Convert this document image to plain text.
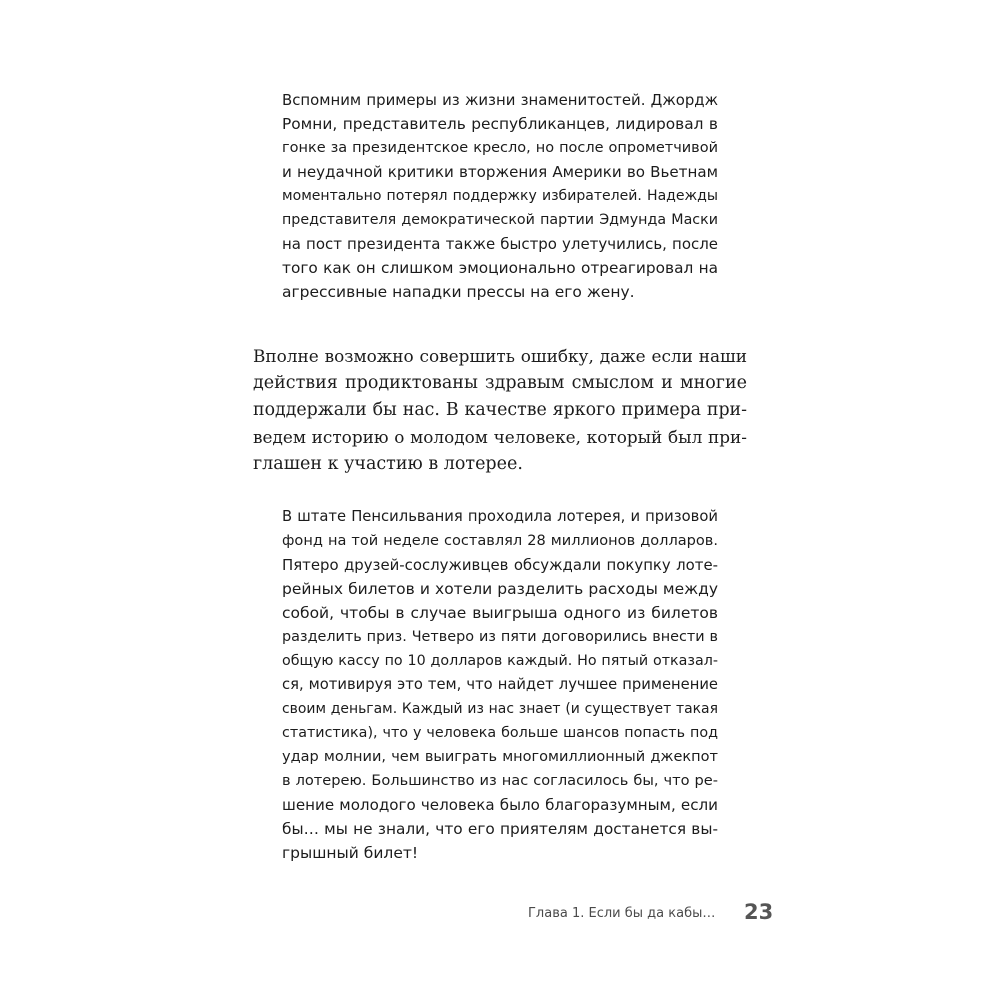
Вспомним примеры из жизни знаменитостей. Джордж
Ромни, представитель республиканцев, лидировал в
гонке за президентское кресло, но после опрометчивой
и неудачной критики вторжения Америки во Вьетнам
моментально потерял поддержку избирателей. Надежды
представителя демократической партии Эдмунда Маски
на пост президента также быстро улетучились, после
того как он слишком эмоционально отреагировал на
агрессивные нападки прессы на его жену.
Вполне возможно совершить ошибку, даже если наши
действия продиктованы здравым смыслом и многие
поддержали бы нас. В качестве яркого примера при-
ведем историю о молодом человеке, который был при-
глашен к участию в лотерее.
В штате Пенсильвания проходила лотерея, и призовой
фонд на той неделе составлял 28 миллионов долларов.
Пятеро друзей-сослуживцев обсуждали покупку лоте-
рейных билетов и хотели разделить расходы между
собой, чтобы в случае выигрыша одного из билетов
разделить приз. Четверо из пяти договорились внести в
общую кассу по 10 долларов каждый. Но пятый отказал-
ся, мотивируя это тем, что найдет лучшее применение
своим деньгам. Каждый из нас знает (и существует такая
статистика), что у человека больше шансов попасть под
удар молнии, чем выиграть многомиллионный джекпот
в лотерею. Большинство из нас согласилось бы, что ре-
шение молодого человека было благоразумным, если
бы… мы не знали, что его приятелям достанется вы-
грышный билет!
Глава 1. Если бы да кабы… 23
